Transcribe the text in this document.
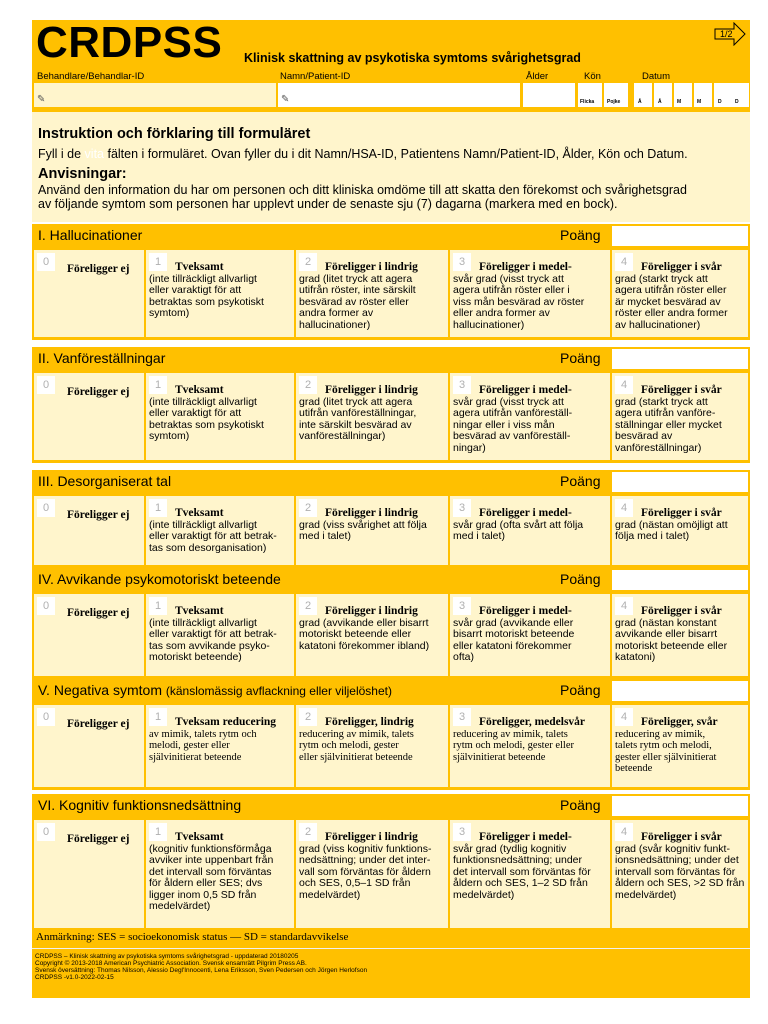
CRDPSS Klinisk skattning av psykotiska symtoms svårighetsgrad
1/2
Behandlare/Behandlar-ID	Namn/Patient-ID	Ålder	Kön	Datum
✎	✎	Flicka	Pojke	Å	Å	M	M	D	D
Instruktion och förklaring till formuläret
Fyll i de vita fälten i formuläret. Ovan fyller du i dit Namn/HSA-ID, Patientens Namn/Patient-ID, Ålder, Kön och Datum.
Anvisningar:
Använd den information du har om personen och ditt kliniska omdöme till att skatta den förekomst och svårighetsgrad
av följande symtom som personen har upplevt under de senaste sju (7) dagarna (markera med en bock).
I. Hallucinationer	Poäng
0
Föreligger ej
1	Tveksamt
(inte tillräckligt allvarligt
eller varaktigt för att
betraktas som psykotiskt
symtom)
2	Föreligger i lindrig
grad (litet tryck att agera
utifrån röster, inte särskilt
besvärad av röster eller
andra former av
hallucinationer)
3	Föreligger i medel-
svår grad (visst tryck att
agera utifrån röster eller i
viss mån besvärad av röster
eller andra former av
hallucinationer)
4	Föreligger i svår
grad (starkt tryck att
agera utifrån röster eller
är mycket besvärad av
röster eller andra former
av hallucinationer)
II. Vanföreställningar	Poäng
0
Föreligger ej
1	Tveksamt
(inte tillräckligt allvarligt
eller varaktigt för att
betraktas som psykotiskt
symtom)
2	Föreligger i lindrig
grad (litet tryck att agera
utifrån vanföreställningar,
inte särskilt besvärad av
vanföreställningar)
3	Föreligger i medel-
svår grad (visst tryck att
agera utifrån vanföreställ-
ningar eller i viss mån
besvärad av vanföreställ-
ningar)
4	Föreligger i svår
grad (starkt tryck att
agera utifrån vanföre-
ställningar eller mycket
besvärad av
vanföreställningar)
III. Desorganiserat tal	Poäng
0
Föreligger ej
1	Tveksamt
(inte tillräckligt allvarligt
eller varaktigt för att betrak-
tas som desorganisation)
2	Föreligger i lindrig
grad (viss svårighet att följa
med i talet)
3	Föreligger i medel-
svår grad (ofta svårt att följa
med i talet)
4	Föreligger i svår
grad (nästan omöjligt att
följa med i talet)
IV. Avvikande psykomotoriskt beteende	Poäng
0
Föreligger ej
1	Tveksamt
(inte tillräckligt allvarligt
eller varaktigt för att betrak-
tas som avvikande psyko-
motoriskt beteende)
2	Föreligger i lindrig
grad (avvikande eller bisarrt
motoriskt beteende eller
katatoni förekommer ibland)
3	Föreligger i medel-
svår grad (avvikande eller
bisarrt motoriskt beteende
eller katatoni förekommer
ofta)
4	Föreligger i svår
grad (nästan konstant
avvikande eller bisarrt
motoriskt beteende eller
katatoni)
V. Negativa symtom (känslomässig avflackning eller viljelöshet)	Poäng
0
Föreligger ej
1	Tveksam reducering
av mimik, talets rytm och
melodi, gester eller
självinitierat beteende
2	Föreligger, lindrig
reducering av mimik, talets
rytm och melodi, gester
eller självinitierat beteende
3	Föreligger, medelsvår
reducering av mimik, talets
rytm och melodi, gester eller
självinitierat beteende
4	Föreligger, svår
reducering av mimik,
talets rytm och melodi,
gester eller självinitierat
beteende
VI. Kognitiv funktionsnedsättning	Poäng
0
Föreligger ej
1	Tveksamt
(kognitiv funktionsförmåga
avviker inte uppenbart från
det intervall som förväntas
för åldern eller SES; dvs
ligger inom 0,5 SD från
medelvärdet)
2	Föreligger i lindrig
grad (viss kognitiv funktions-
nedsättning; under det inter-
vall som förväntas för åldern
och SES, 0,5–1 SD från
medelvärdet)
3	Föreligger i medel-
svår grad (tydlig kognitiv
funktionsnedsättning; under
det intervall som förväntas för
åldern och SES, 1–2 SD från
medelvärdet)
4	Föreligger i svår
grad (svår kognitiv funkt-
ionsnedsättning; under det
intervall som förväntas för
åldern och SES, >2 SD från
medelvärdet)
Anmärkning: SES = socioekonomisk status — SD = standardavvikelse
CRDPSS – Klinisk skattning av psykotiska symtoms svårighetsgrad - uppdaterad 20180205
Copyright © 2013-2018 American Psychiatric Association. Svensk ensamrätt Pilgrim Press AB.
Svensk översättning: Thomas Nilsson, Alessio Degl'Innocenti, Lena Eriksson, Sven Pedersen och Jörgen Herlofson
CRDPSS -v1.0-2022-02-15
